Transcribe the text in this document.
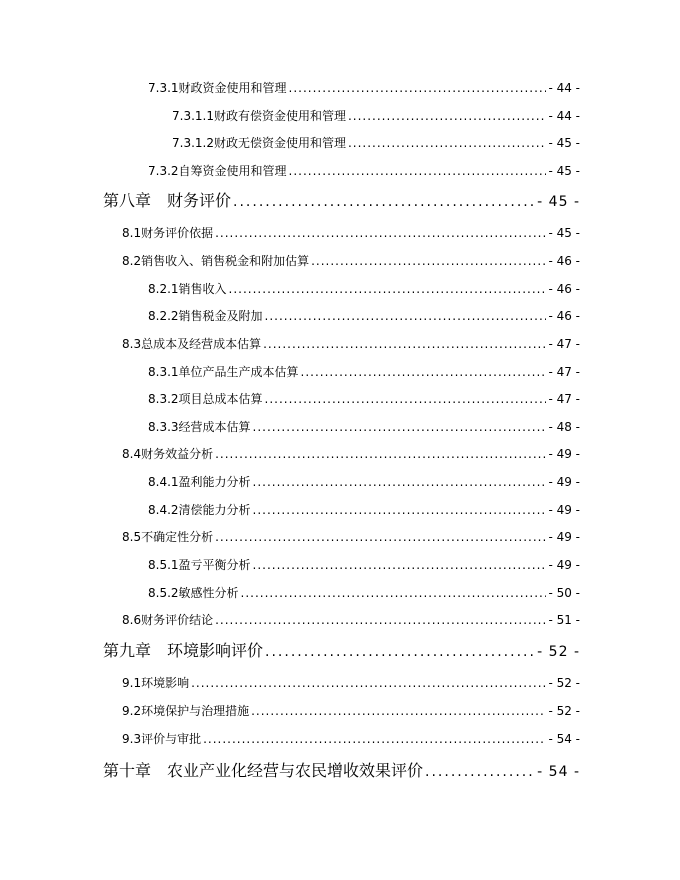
7.3.1财政资金使用和管理 .....	- 44 -
7.3.1.1财政有偿资金使用和管理 .....	- 44 -
7.3.1.2财政无偿资金使用和管理 .....	- 45 -
7.3.2自筹资金使用和管理 .....	- 45 -
第八章　财务评价 .....	- 45 -
8.1财务评价依据 .....	- 45 -
8.2销售收入、销售税金和附加估算 .....	- 46 -
8.2.1销售收入 .....	- 46 -
8.2.2销售税金及附加 .....	- 46 -
8.3总成本及经营成本估算 .....	- 47 -
8.3.1单位产品生产成本估算 .....	- 47 -
8.3.2项目总成本估算 .....	- 47 -
8.3.3经营成本估算 .....	- 48 -
8.4财务效益分析 .....	- 49 -
8.4.1盈利能力分析 .....	- 49 -
8.4.2清偿能力分析 .....	- 49 -
8.5不确定性分析 .....	- 49 -
8.5.1盈亏平衡分析 .....	- 49 -
8.5.2敏感性分析 .....	- 50 -
8.6财务评价结论 .....	- 51 -
第九章　环境影响评价 .....	- 52 -
9.1环境影响 .....	- 52 -
9.2环境保护与治理措施 .....	- 52 -
9.3评价与审批 .....	- 54 -
第十章　农业产业化经营与农民增收效果评价 .....	- 54 -
